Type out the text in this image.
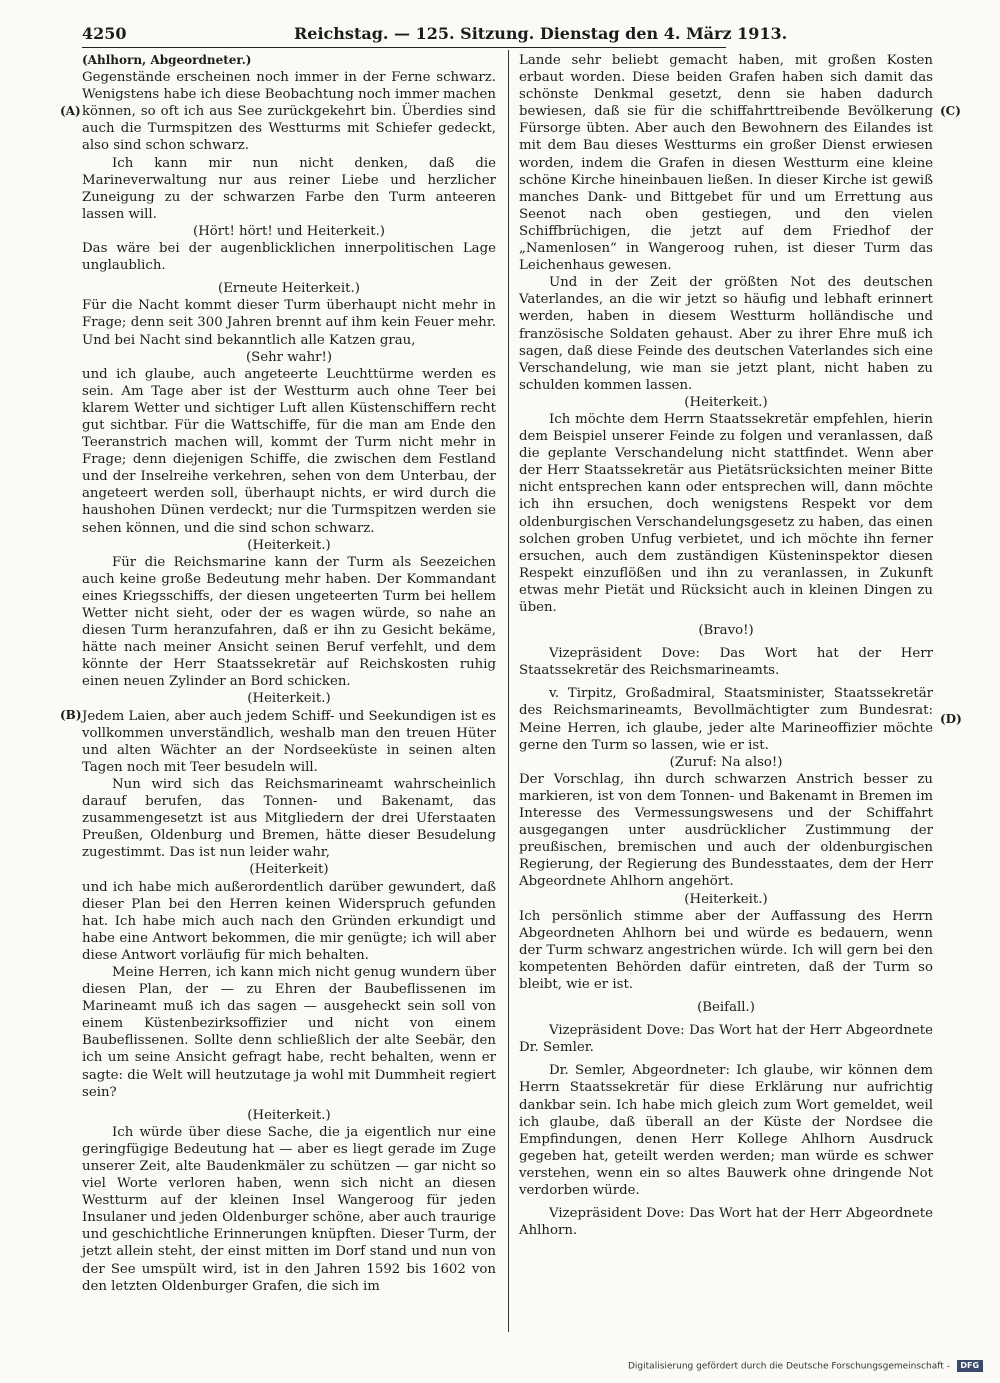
4250	Reichstag. — 125. Sitzung. Dienstag den 4. März 1913.
(A)
(B)
(C)
(D)

(Ahlhorn, Abgeordneter.)

Gegenstände erscheinen noch immer in der Ferne schwarz. Wenigstens habe ich diese Beobachtung noch immer machen können, so oft ich aus See zurückgekehrt bin. Überdies sind auch die Turmspitzen des Westturms mit Schiefer gedeckt, also sind schon schwarz.

Ich kann mir nun nicht denken, daß die Marineverwaltung nur aus reiner Liebe und herzlicher Zuneigung zu der schwarzen Farbe den Turm anteeren lassen will.

(Hört! hört! und Heiterkeit.)

Das wäre bei der augenblicklichen innerpolitischen Lage unglaublich.

(Erneute Heiterkeit.)

Für die Nacht kommt dieser Turm überhaupt nicht mehr in Frage; denn seit 300 Jahren brennt auf ihm kein Feuer mehr. Und bei Nacht sind bekanntlich alle Katzen grau,

(Sehr wahr!)

und ich glaube, auch angeteerte Leuchttürme werden es sein. Am Tage aber ist der Westturm auch ohne Teer bei klarem Wetter und sichtiger Luft allen Küstenschiffern recht gut sichtbar. Für die Wattschiffe, für die man am Ende den Teeranstrich machen will, kommt der Turm nicht mehr in Frage; denn diejenigen Schiffe, die zwischen dem Festland und der Inselreihe verkehren, sehen von dem Unterbau, der angeteert werden soll, überhaupt nichts, er wird durch die haushohen Dünen verdeckt; nur die Turmspitzen werden sie sehen können, und die sind schon schwarz.

(Heiterkeit.)

Für die Reichsmarine kann der Turm als Seezeichen auch keine große Bedeutung mehr haben. Der Kommandant eines Kriegsschiffs, der diesen ungeteerten Turm bei hellem Wetter nicht sieht, oder der es wagen würde, so nahe an diesen Turm heranzufahren, daß er ihn zu Gesicht bekäme, hätte nach meiner Ansicht seinen Beruf verfehlt, und dem könnte der Herr Staatssekretär auf Reichskosten ruhig einen neuen Zylinder an Bord schicken.

(Heiterkeit.)

Jedem Laien, aber auch jedem Schiff- und Seekundigen ist es vollkommen unverständlich, weshalb man den treuen Hüter und alten Wächter an der Nordseeküste in seinen alten Tagen noch mit Teer besudeln will.

Nun wird sich das Reichsmarineamt wahrscheinlich darauf berufen, das Tonnen- und Bakenamt, das zusammengesetzt ist aus Mitgliedern der drei Uferstaaten Preußen, Oldenburg und Bremen, hätte dieser Besudelung zugestimmt. Das ist nun leider wahr,

(Heiterkeit)

und ich habe mich außerordentlich darüber gewundert, daß dieser Plan bei den Herren keinen Widerspruch gefunden hat. Ich habe mich auch nach den Gründen erkundigt und habe eine Antwort bekommen, die mir genügte; ich will aber diese Antwort vorläufig für mich behalten.

Meine Herren, ich kann mich nicht genug wundern über diesen Plan, der — zu Ehren der Baubeflissenen im Marineamt muß ich das sagen — ausgeheckt sein soll von einem Küstenbezirksoffizier und nicht von einem Baubeflissenen. Sollte denn schließlich der alte Seebär, den ich um seine Ansicht gefragt habe, recht behalten, wenn er sagte: die Welt will heutzutage ja wohl mit Dummheit regiert sein?

(Heiterkeit.)

Ich würde über diese Sache, die ja eigentlich nur eine geringfügige Bedeutung hat — aber es liegt gerade im Zuge unserer Zeit, alte Baudenkmäler zu schützen — gar nicht so viel Worte verloren haben, wenn sich nicht an diesen Westturm auf der kleinen Insel Wangeroog für jeden Insulaner und jeden Oldenburger schöne, aber auch traurige und geschichtliche Erinnerungen knüpften. Dieser Turm, der jetzt allein steht, der einst mitten im Dorf stand und nun von der See umspült wird, ist in den Jahren 1592 bis 1602 von den letzten Oldenburger Grafen, die sich im

Lande sehr beliebt gemacht haben, mit großen Kosten erbaut worden. Diese beiden Grafen haben sich damit das schönste Denkmal gesetzt, denn sie haben dadurch bewiesen, daß sie für die schiffahrttreibende Bevölkerung Fürsorge übten. Aber auch den Bewohnern des Eilandes ist mit dem Bau dieses Westturms ein großer Dienst erwiesen worden, indem die Grafen in diesen Westturm eine kleine schöne Kirche hineinbauen ließen. In dieser Kirche ist gewiß manches Dank- und Bittgebet für und um Errettung aus Seenot nach oben gestiegen, und den vielen Schiffbrüchigen, die jetzt auf dem Friedhof der „Namenlosen“ in Wangeroog ruhen, ist dieser Turm das Leichenhaus gewesen.

Und in der Zeit der größten Not des deutschen Vaterlandes, an die wir jetzt so häufig und lebhaft erinnert werden, haben in diesem Westturm holländische und französische Soldaten gehaust. Aber zu ihrer Ehre muß ich sagen, daß diese Feinde des deutschen Vaterlandes sich eine Verschandelung, wie man sie jetzt plant, nicht haben zu schulden kommen lassen.

(Heiterkeit.)

Ich möchte dem Herrn Staatssekretär empfehlen, hierin dem Beispiel unserer Feinde zu folgen und veranlassen, daß die geplante Verschandelung nicht stattfindet. Wenn aber der Herr Staatssekretär aus Pietätsrücksichten meiner Bitte nicht entsprechen kann oder entsprechen will, dann möchte ich ihn ersuchen, doch wenigstens Respekt vor dem oldenburgischen Verschandelungsgesetz zu haben, das einen solchen groben Unfug verbietet, und ich möchte ihn ferner ersuchen, auch dem zuständigen Küsteninspektor diesen Respekt einzuflößen und ihn zu veranlassen, in Zukunft etwas mehr Pietät und Rücksicht auch in kleinen Dingen zu üben.

(Bravo!)

Vizepräsident Dove: Das Wort hat der Herr Staatssekretär des Reichsmarineamts.

v. Tirpitz, Großadmiral, Staatsminister, Staatssekretär des Reichsmarineamts, Bevollmächtigter zum Bundesrat: Meine Herren, ich glaube, jeder alte Marineoffizier möchte gerne den Turm so lassen, wie er ist.

(Zuruf: Na also!)

Der Vorschlag, ihn durch schwarzen Anstrich besser zu markieren, ist von dem Tonnen- und Bakenamt in Bremen im Interesse des Vermessungswesens und der Schiffahrt ausgegangen unter ausdrücklicher Zustimmung der preußischen, bremischen und auch der oldenburgischen Regierung, der Regierung des Bundesstaates, dem der Herr Abgeordnete Ahlhorn angehört.

(Heiterkeit.)

Ich persönlich stimme aber der Auffassung des Herrn Abgeordneten Ahlhorn bei und würde es bedauern, wenn der Turm schwarz angestrichen würde. Ich will gern bei den kompetenten Behörden dafür eintreten, daß der Turm so bleibt, wie er ist.

(Beifall.)

Vizepräsident Dove: Das Wort hat der Herr Abgeordnete Dr. Semler.

Dr. Semler, Abgeordneter: Ich glaube, wir können dem Herrn Staatssekretär für diese Erklärung nur aufrichtig dankbar sein. Ich habe mich gleich zum Wort gemeldet, weil ich glaube, daß überall an der Küste der Nordsee die Empfindungen, denen Herr Kollege Ahlhorn Ausdruck gegeben hat, geteilt werden werden; man würde es schwer verstehen, wenn ein so altes Bauwerk ohne dringende Not verdorben würde.

Vizepräsident Dove: Das Wort hat der Herr Abgeordnete Ahlhorn.

Digitalisierung gefördert durch die Deutsche Forschungsgemeinschaft - DFG
